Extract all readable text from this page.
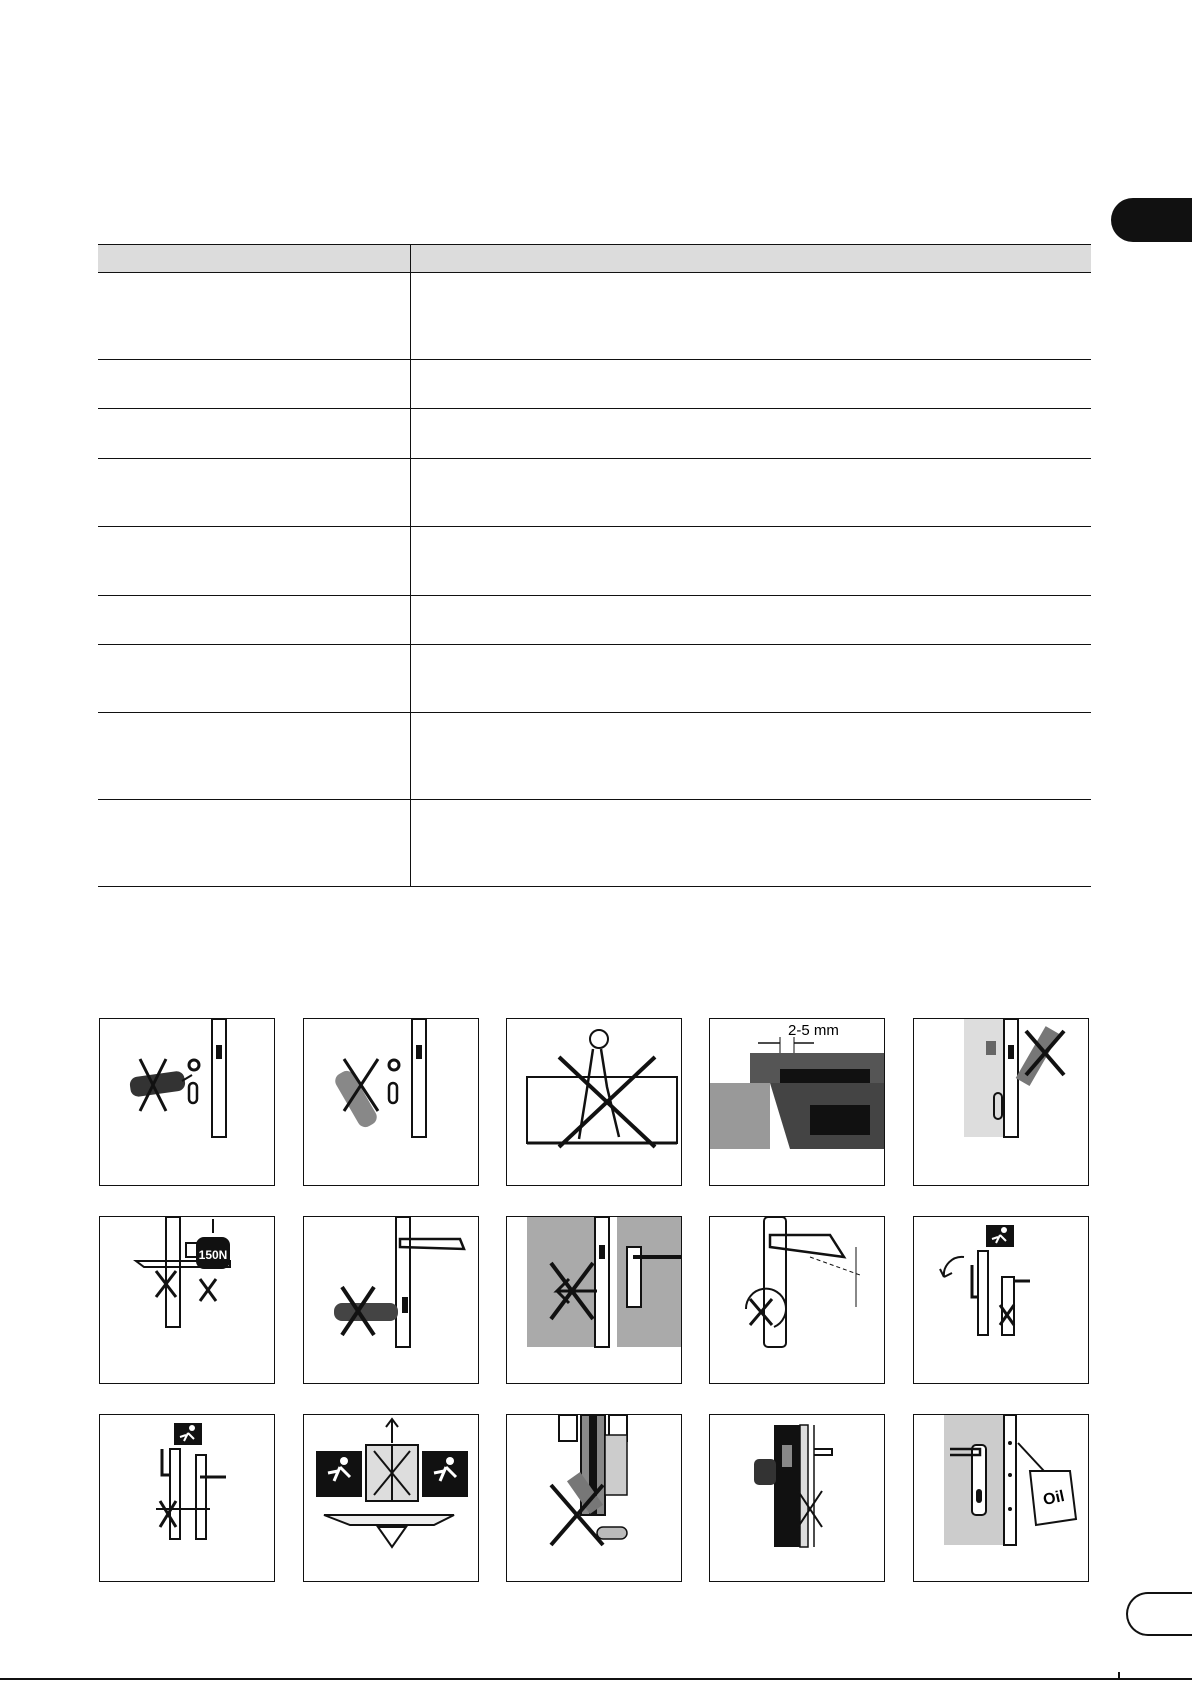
2-5 mm
150N
Oil
